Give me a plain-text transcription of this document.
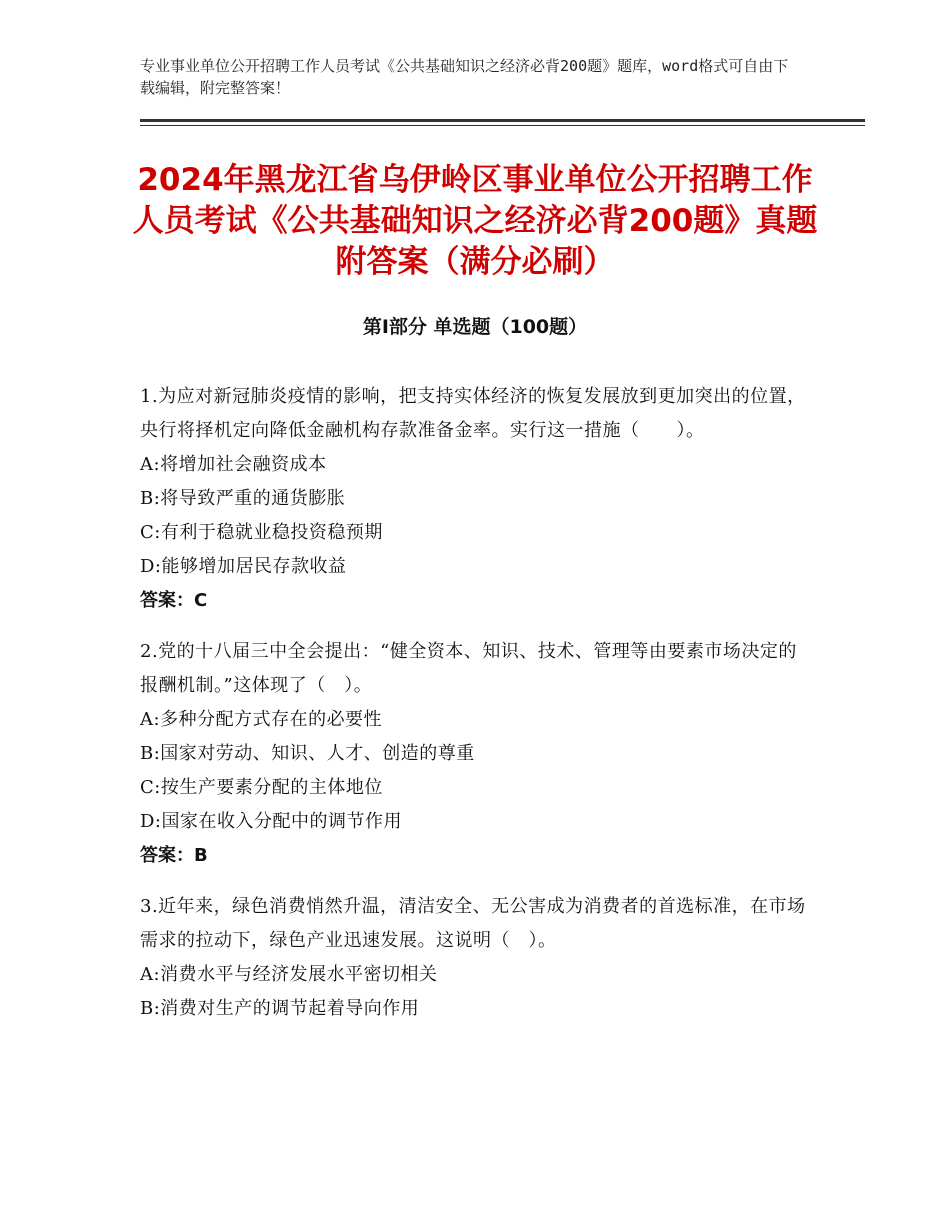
专业事业单位公开招聘工作人员考试《公共基础知识之经济必背200题》题库，word格式可自由下载编辑，附完整答案！
2024年黑龙江省乌伊岭区事业单位公开招聘工作人员考试《公共基础知识之经济必背200题》真题附答案（满分必刷）
第Ⅰ部分 单选题（100题）
1.为应对新冠肺炎疫情的影响，把支持实体经济的恢复发展放到更加突出的位置，央行将择机定向降低金融机构存款准备金率。实行这一措施（　　）。
A:将增加社会融资成本
B:将导致严重的通货膨胀
C:有利于稳就业稳投资稳预期
D:能够增加居民存款收益
答案：C
2.党的十八届三中全会提出：“健全资本、知识、技术、管理等由要素市场决定的报酬机制。”这体现了（　）。
A:多种分配方式存在的必要性
B:国家对劳动、知识、人才、创造的尊重
C:按生产要素分配的主体地位
D:国家在收入分配中的调节作用
答案：B
3.近年来，绿色消费悄然升温，清洁安全、无公害成为消费者的首选标准，在市场需求的拉动下，绿色产业迅速发展。这说明（　）。
A:消费水平与经济发展水平密切相关
B:消费对生产的调节起着导向作用
